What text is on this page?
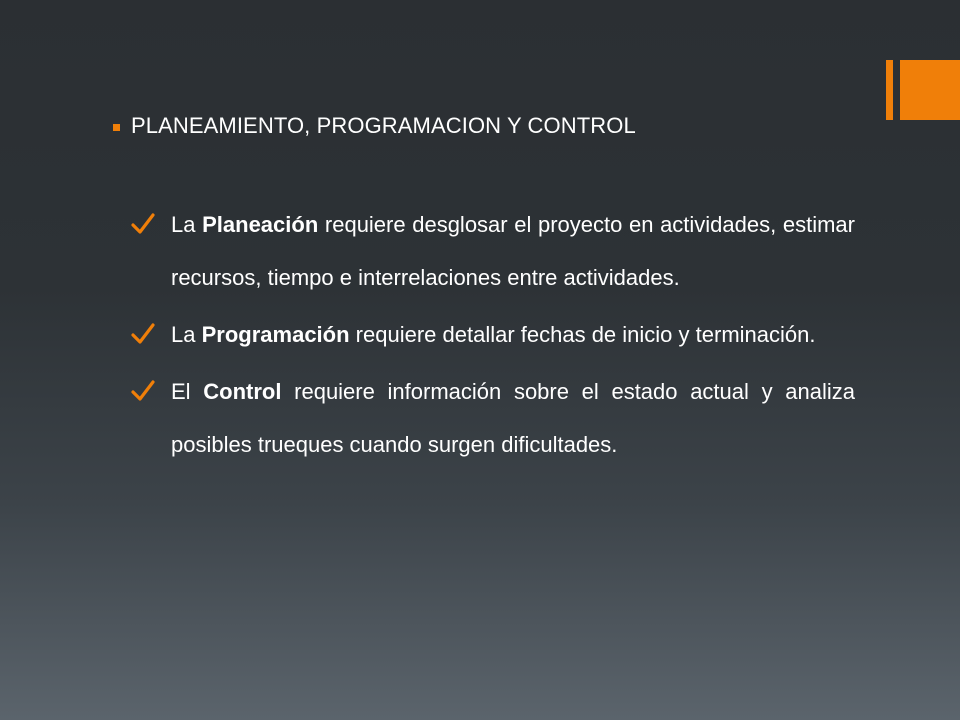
PLANEAMIENTO, PROGRAMACION Y CONTROL

La Planeación requiere desglosar el proyecto en actividades, estimar recursos, tiempo e interrelaciones entre actividades.

La Programación requiere detallar fechas de inicio y terminación.

El Control requiere información sobre el estado actual y analiza posibles trueques cuando surgen dificultades.
